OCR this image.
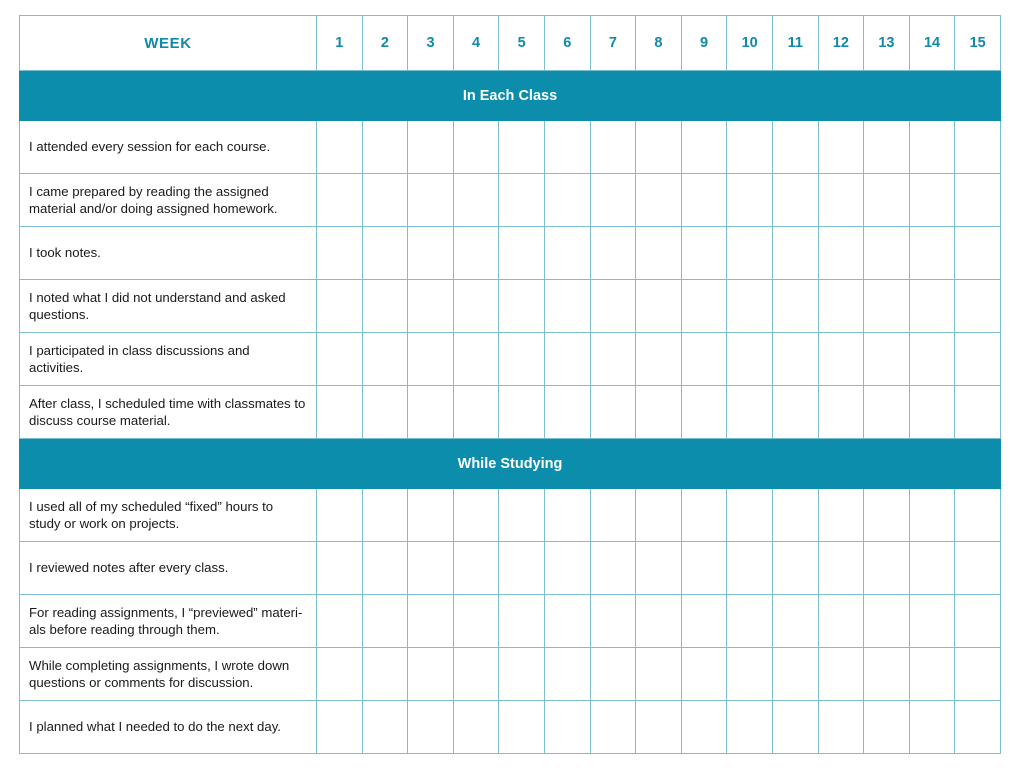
WEEK	1	2	3	4	5	6	7	8	9	10	11	12	13	14	15
In Each Class															

I attended every session for each course.															

I came prepared by reading the assigned material and/or doing assigned homework.															

I took notes.															

I noted what I did not understand and asked questions.															

I participated in class discussions and activities.															

After class, I scheduled time with classmates to discuss course material.															

While Studying															

I used all of my scheduled “fixed” hours to study or work on projects.															

I reviewed notes after every class.															

For reading assignments, I “previewed” materi-als before reading through them.															

While completing assignments, I wrote down questions or comments for discussion.															

I planned what I needed to do the next day.															
